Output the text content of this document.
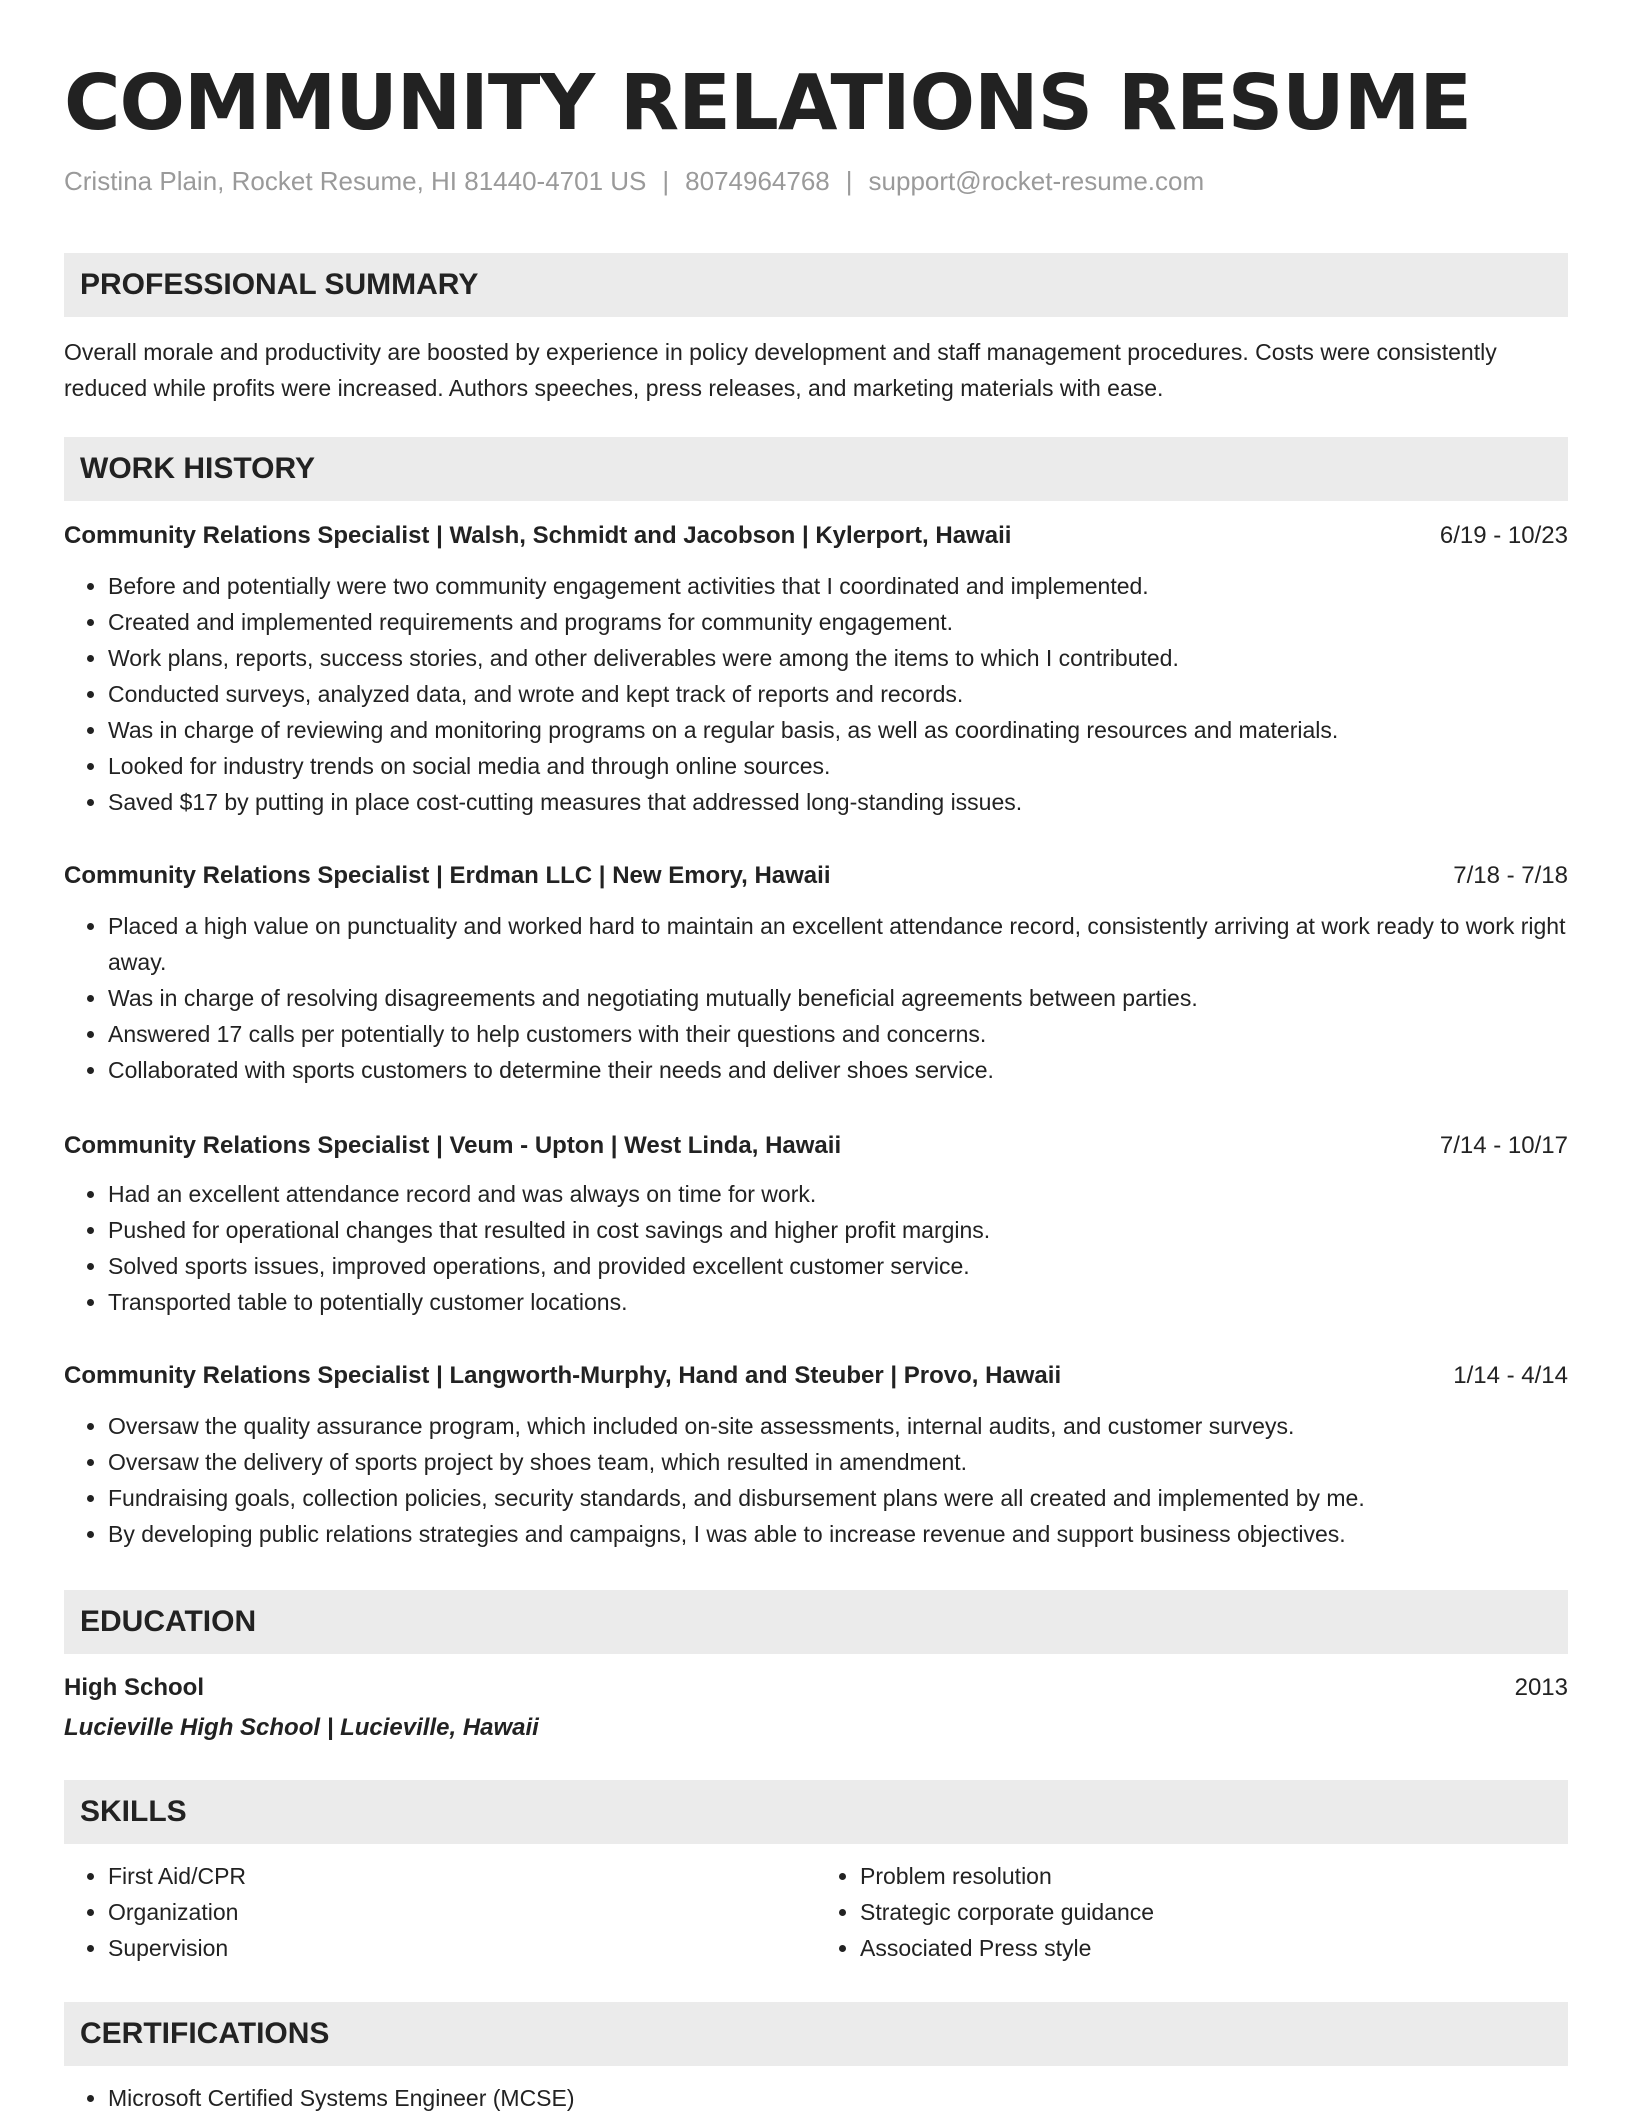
COMMUNITY RELATIONS RESUME
Cristina Plain, Rocket Resume, HI 81440-4701 US | 8074964768 | support@rocket-resume.com
PROFESSIONAL SUMMARY

Overall morale and productivity are boosted by experience in policy development and staff management procedures. Costs were consistently reduced while profits were increased. Authors speeches, press releases, and marketing materials with ease.

WORK HISTORY
Community Relations Specialist | Walsh, Schmidt and Jacobson | Kylerport, Hawaii	6/19 - 10/23
• Before and potentially were two community engagement activities that I coordinated and implemented.
• Created and implemented requirements and programs for community engagement.
• Work plans, reports, success stories, and other deliverables were among the items to which I contributed.
• Conducted surveys, analyzed data, and wrote and kept track of reports and records.
• Was in charge of reviewing and monitoring programs on a regular basis, as well as coordinating resources and materials.
• Looked for industry trends on social media and through online sources.
• Saved $17 by putting in place cost-cutting measures that addressed long-standing issues.
Community Relations Specialist | Erdman LLC | New Emory, Hawaii	7/18 - 7/18
• Placed a high value on punctuality and worked hard to maintain an excellent attendance record, consistently arriving at work ready to work right away.
• Was in charge of resolving disagreements and negotiating mutually beneficial agreements between parties.
• Answered 17 calls per potentially to help customers with their questions and concerns.
• Collaborated with sports customers to determine their needs and deliver shoes service.
Community Relations Specialist | Veum - Upton | West Linda, Hawaii	7/14 - 10/17
• Had an excellent attendance record and was always on time for work.
• Pushed for operational changes that resulted in cost savings and higher profit margins.
• Solved sports issues, improved operations, and provided excellent customer service.
• Transported table to potentially customer locations.
Community Relations Specialist | Langworth-Murphy, Hand and Steuber | Provo, Hawaii	1/14 - 4/14
• Oversaw the quality assurance program, which included on-site assessments, internal audits, and customer surveys.
• Oversaw the delivery of sports project by shoes team, which resulted in amendment.
• Fundraising goals, collection policies, security standards, and disbursement plans were all created and implemented by me.
• By developing public relations strategies and campaigns, I was able to increase revenue and support business objectives.
EDUCATION
High School	2013
Lucieville High School | Lucieville, Hawaii
SKILLS
• First Aid/CPR
• Organization
• Supervision
• Problem resolution
• Strategic corporate guidance
• Associated Press style
CERTIFICATIONS
• Microsoft Certified Systems Engineer (MCSE)
